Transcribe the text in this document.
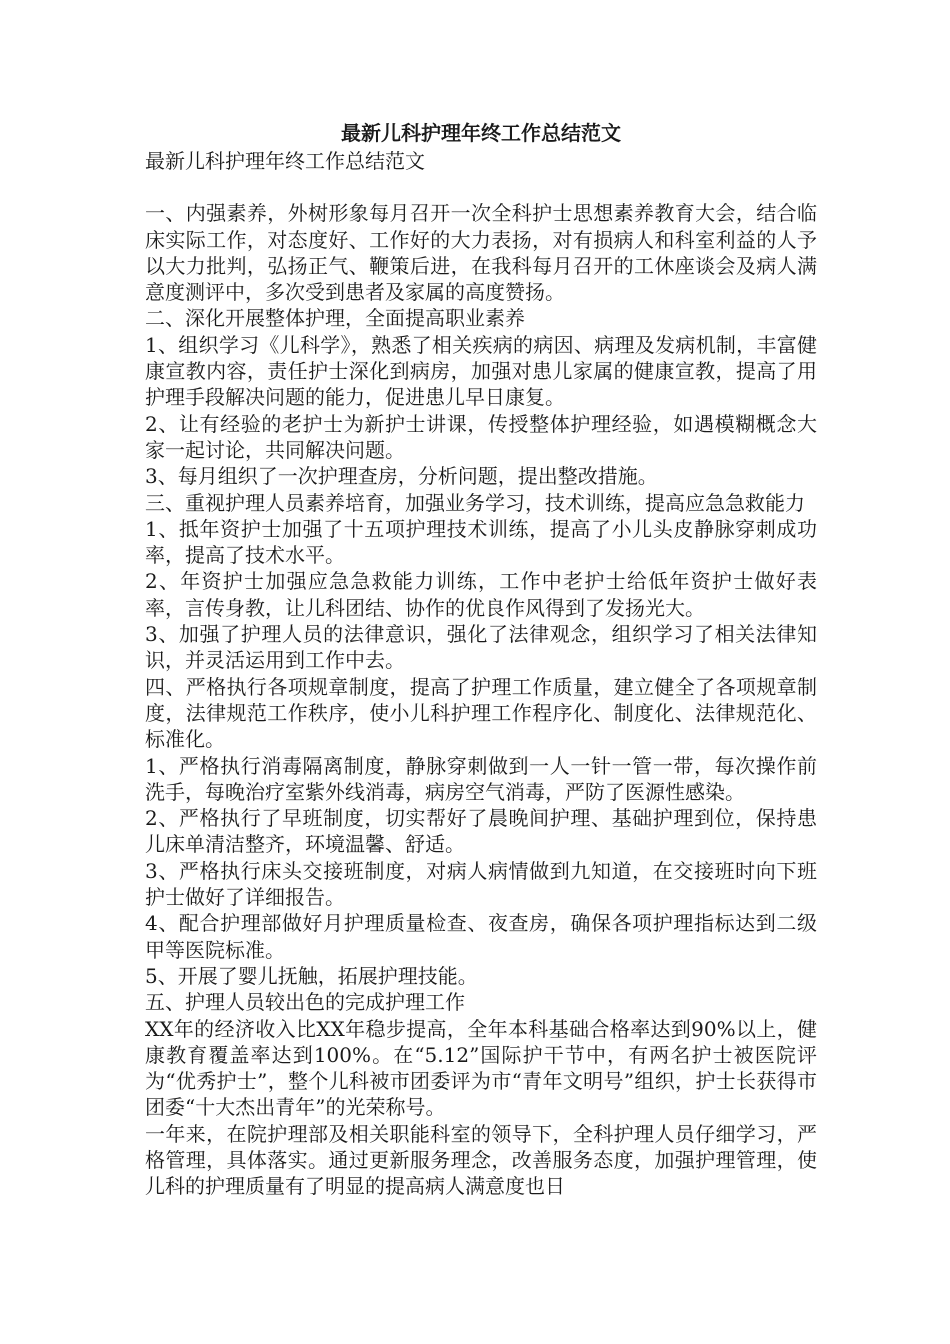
最新儿科护理年终工作总结范文

最新儿科护理年终工作总结范文

一、内强素养，外树形象每月召开一次全科护士思想素养教育大会，结合临床实际工作，对态度好、工作好的大力表扬，对有损病人和科室利益的人予以大力批判，弘扬正气、鞭策后进，在我科每月召开的工休座谈会及病人满意度测评中，多次受到患者及家属的高度赞扬。

二、深化开展整体护理，全面提高职业素养

1、组织学习《儿科学》，熟悉了相关疾病的病因、病理及发病机制，丰富健康宣教内容，责任护士深化到病房，加强对患儿家属的健康宣教，提高了用护理手段解决问题的能力，促进患儿早日康复。

2、让有经验的老护士为新护士讲课，传授整体护理经验，如遇模糊概念大家一起讨论，共同解决问题。

3、每月组织了一次护理查房，分析问题，提出整改措施。

三、重视护理人员素养培育，加强业务学习，技术训练，提高应急急救能力

1、抵年资护士加强了十五项护理技术训练，提高了小儿头皮静脉穿刺成功率，提高了技术水平。

2、年资护士加强应急急救能力训练，工作中老护士给低年资护士做好表率，言传身教，让儿科团结、协作的优良作风得到了发扬光大。

3、加强了护理人员的法律意识，强化了法律观念，组织学习了相关法律知识，并灵活运用到工作中去。

四、严格执行各项规章制度，提高了护理工作质量，建立健全了各项规章制度，法律规范工作秩序，使小儿科护理工作程序化、制度化、法律规范化、标准化。

1、严格执行消毒隔离制度，静脉穿刺做到一人一针一管一带，每次操作前洗手，每晚治疗室紫外线消毒，病房空气消毒，严防了医源性感染。

2、严格执行了早班制度，切实帮好了晨晚间护理、基础护理到位，保持患儿床单清洁整齐，环境温馨、舒适。

3、严格执行床头交接班制度，对病人病情做到九知道，在交接班时向下班护士做好了详细报告。

4、配合护理部做好月护理质量检查、夜查房，确保各项护理指标达到二级甲等医院标准。

5、开展了婴儿抚触，拓展护理技能。

五、护理人员较出色的完成护理工作

XX年的经济收入比XX年稳步提高，全年本科基础合格率达到90%以上，健康教育覆盖率达到100%。在“5.12”国际护干节中，有两名护士被医院评为“优秀护士”，整个儿科被市团委评为市“青年文明号”组织，护士长获得市团委“十大杰出青年”的光荣称号。

一年来，在院护理部及相关职能科室的领导下，全科护理人员仔细学习，严格管理，具体落实。通过更新服务理念，改善服务态度，加强护理管理，使儿科的护理质量有了明显的提高病人满意度也日
